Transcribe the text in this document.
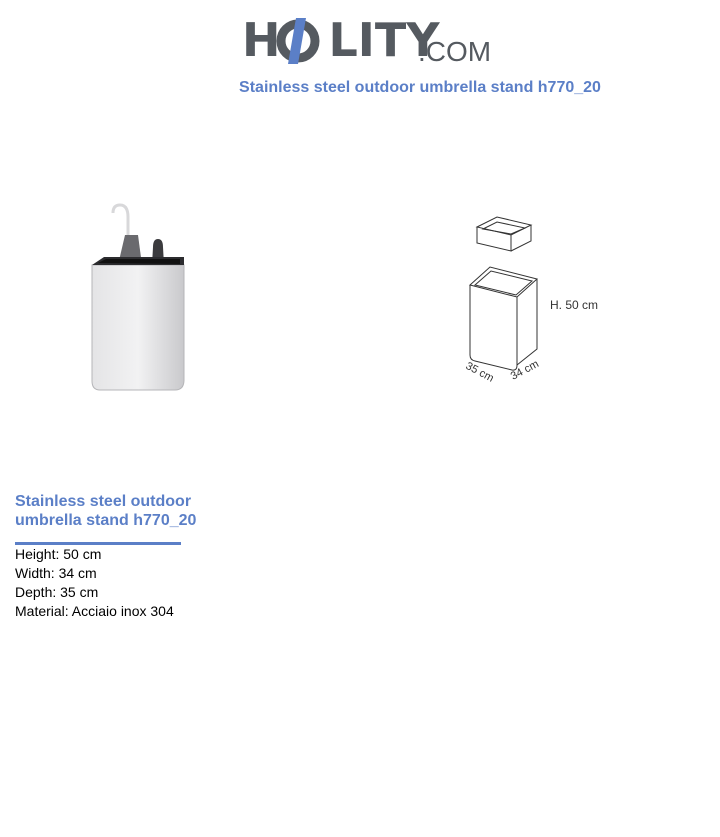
H LITY
.COM
Stainless steel outdoor umbrella stand h770_20
H. 50 cm
35 cm 34 cm
Stainless steel outdoor umbrella stand h770_20
Height: 50 cm
Width: 34 cm
Depth: 35 cm
Material: Acciaio inox 304
